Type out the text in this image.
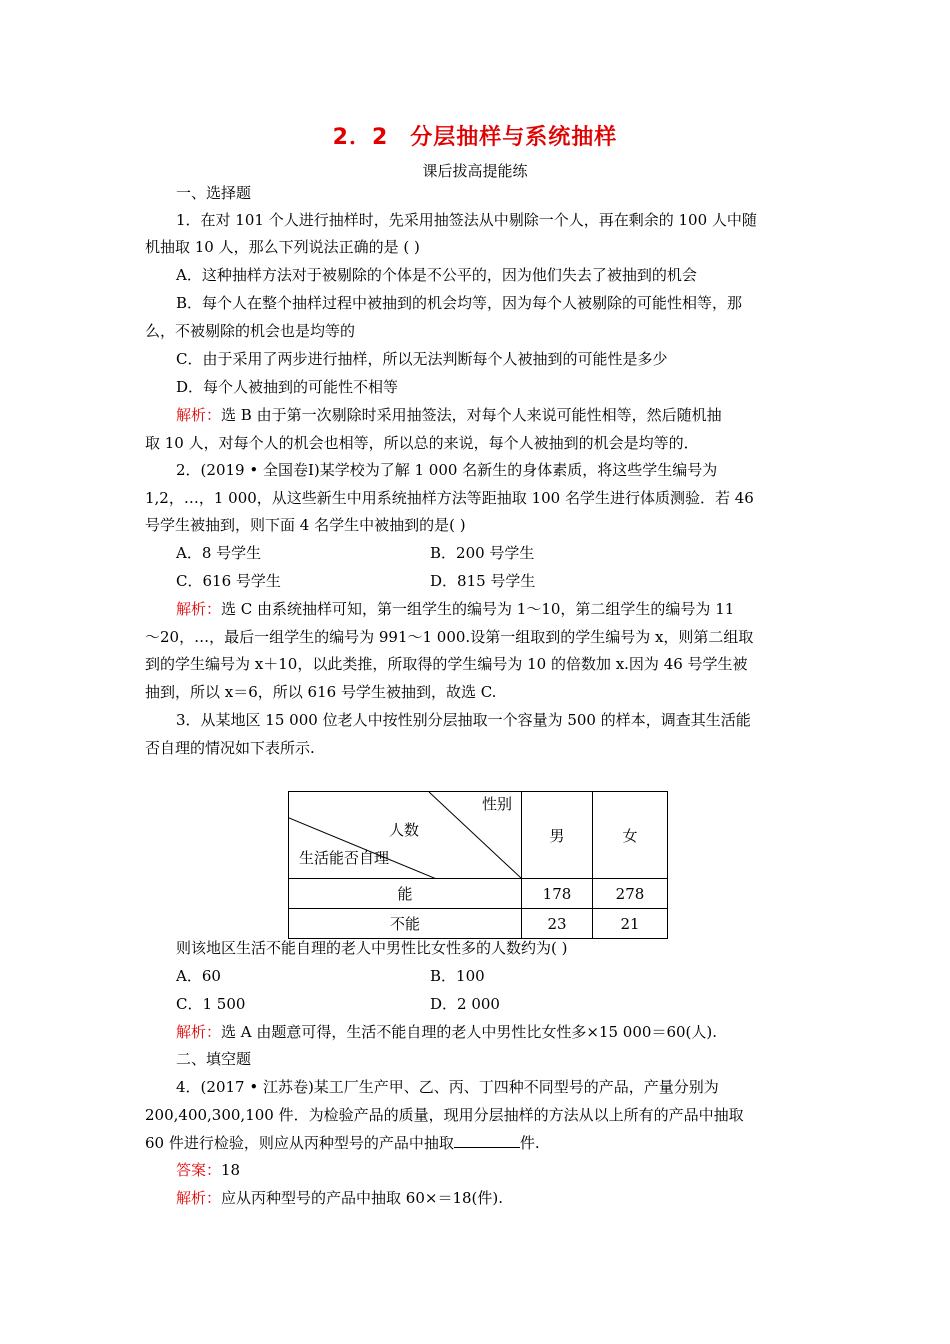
2．2 分层抽样与系统抽样
课后拔高提能练
一、选择题
1．在对 101 个人进行抽样时，先采用抽签法从中剔除一个人，再在剩余的 100 人中随
机抽取 10 人，那么下列说法正确的是 ( )
A．这种抽样方法对于被剔除的个体是不公平的，因为他们失去了被抽到的机会
B．每个人在整个抽样过程中被抽到的机会均等，因为每个人被剔除的可能性相等，那
么，不被剔除的机会也是均等的
C．由于采用了两步进行抽样，所以无法判断每个人被抽到的可能性是多少
D．每个人被抽到的可能性不相等
解析：选 B 由于第一次剔除时采用抽签法，对每个人来说可能性相等，然后随机抽
取 10 人，对每个人的机会也相等，所以总的来说，每个人被抽到的机会是均等的．
2．(2019 • 全国卷Ⅰ)某学校为了解 1 000 名新生的身体素质，将这些学生编号为
1,2，…，1 000，从这些新生中用系统抽样方法等距抽取 100 名学生进行体质测验．若 46
号学生被抽到，则下面 4 名学生中被抽到的是( )
A．8 号学生	B．200 号学生
C．616 号学生	D．815 号学生
解析：选 C 由系统抽样可知，第一组学生的编号为 1～10，第二组学生的编号为 11
～20，…，最后一组学生的编号为 991～1 000.设第一组取到的学生编号为 x，则第二组取
到的学生编号为 x＋10，以此类推，所取得的学生编号为 10 的倍数加 x.因为 46 号学生被
抽到，所以 x＝6，所以 616 号学生被抽到，故选 C.
3．从某地区 15 000 位老人中按性别分层抽取一个容量为 500 的样本，调查其生活能
否自理的情况如下表所示.
性别
人数
生活能否自理	男	女
能	178	278
不能	23	21
则该地区生活不能自理的老人中男性比女性多的人数约为( )
A．60	B．100
C．1 500	D．2 000
解析：选 A 由题意可得，生活不能自理的老人中男性比女性多×15 000＝60(人).
二、填空题
4．(2017 • 江苏卷)某工厂生产甲、乙、丙、丁四种不同型号的产品，产量分别为
200,400,300,100 件．为检验产品的质量，现用分层抽样的方法从以上所有的产品中抽取
60 件进行检验，则应从丙种型号的产品中抽取	件.
答案：18
解析：应从丙种型号的产品中抽取 60×＝18(件).
